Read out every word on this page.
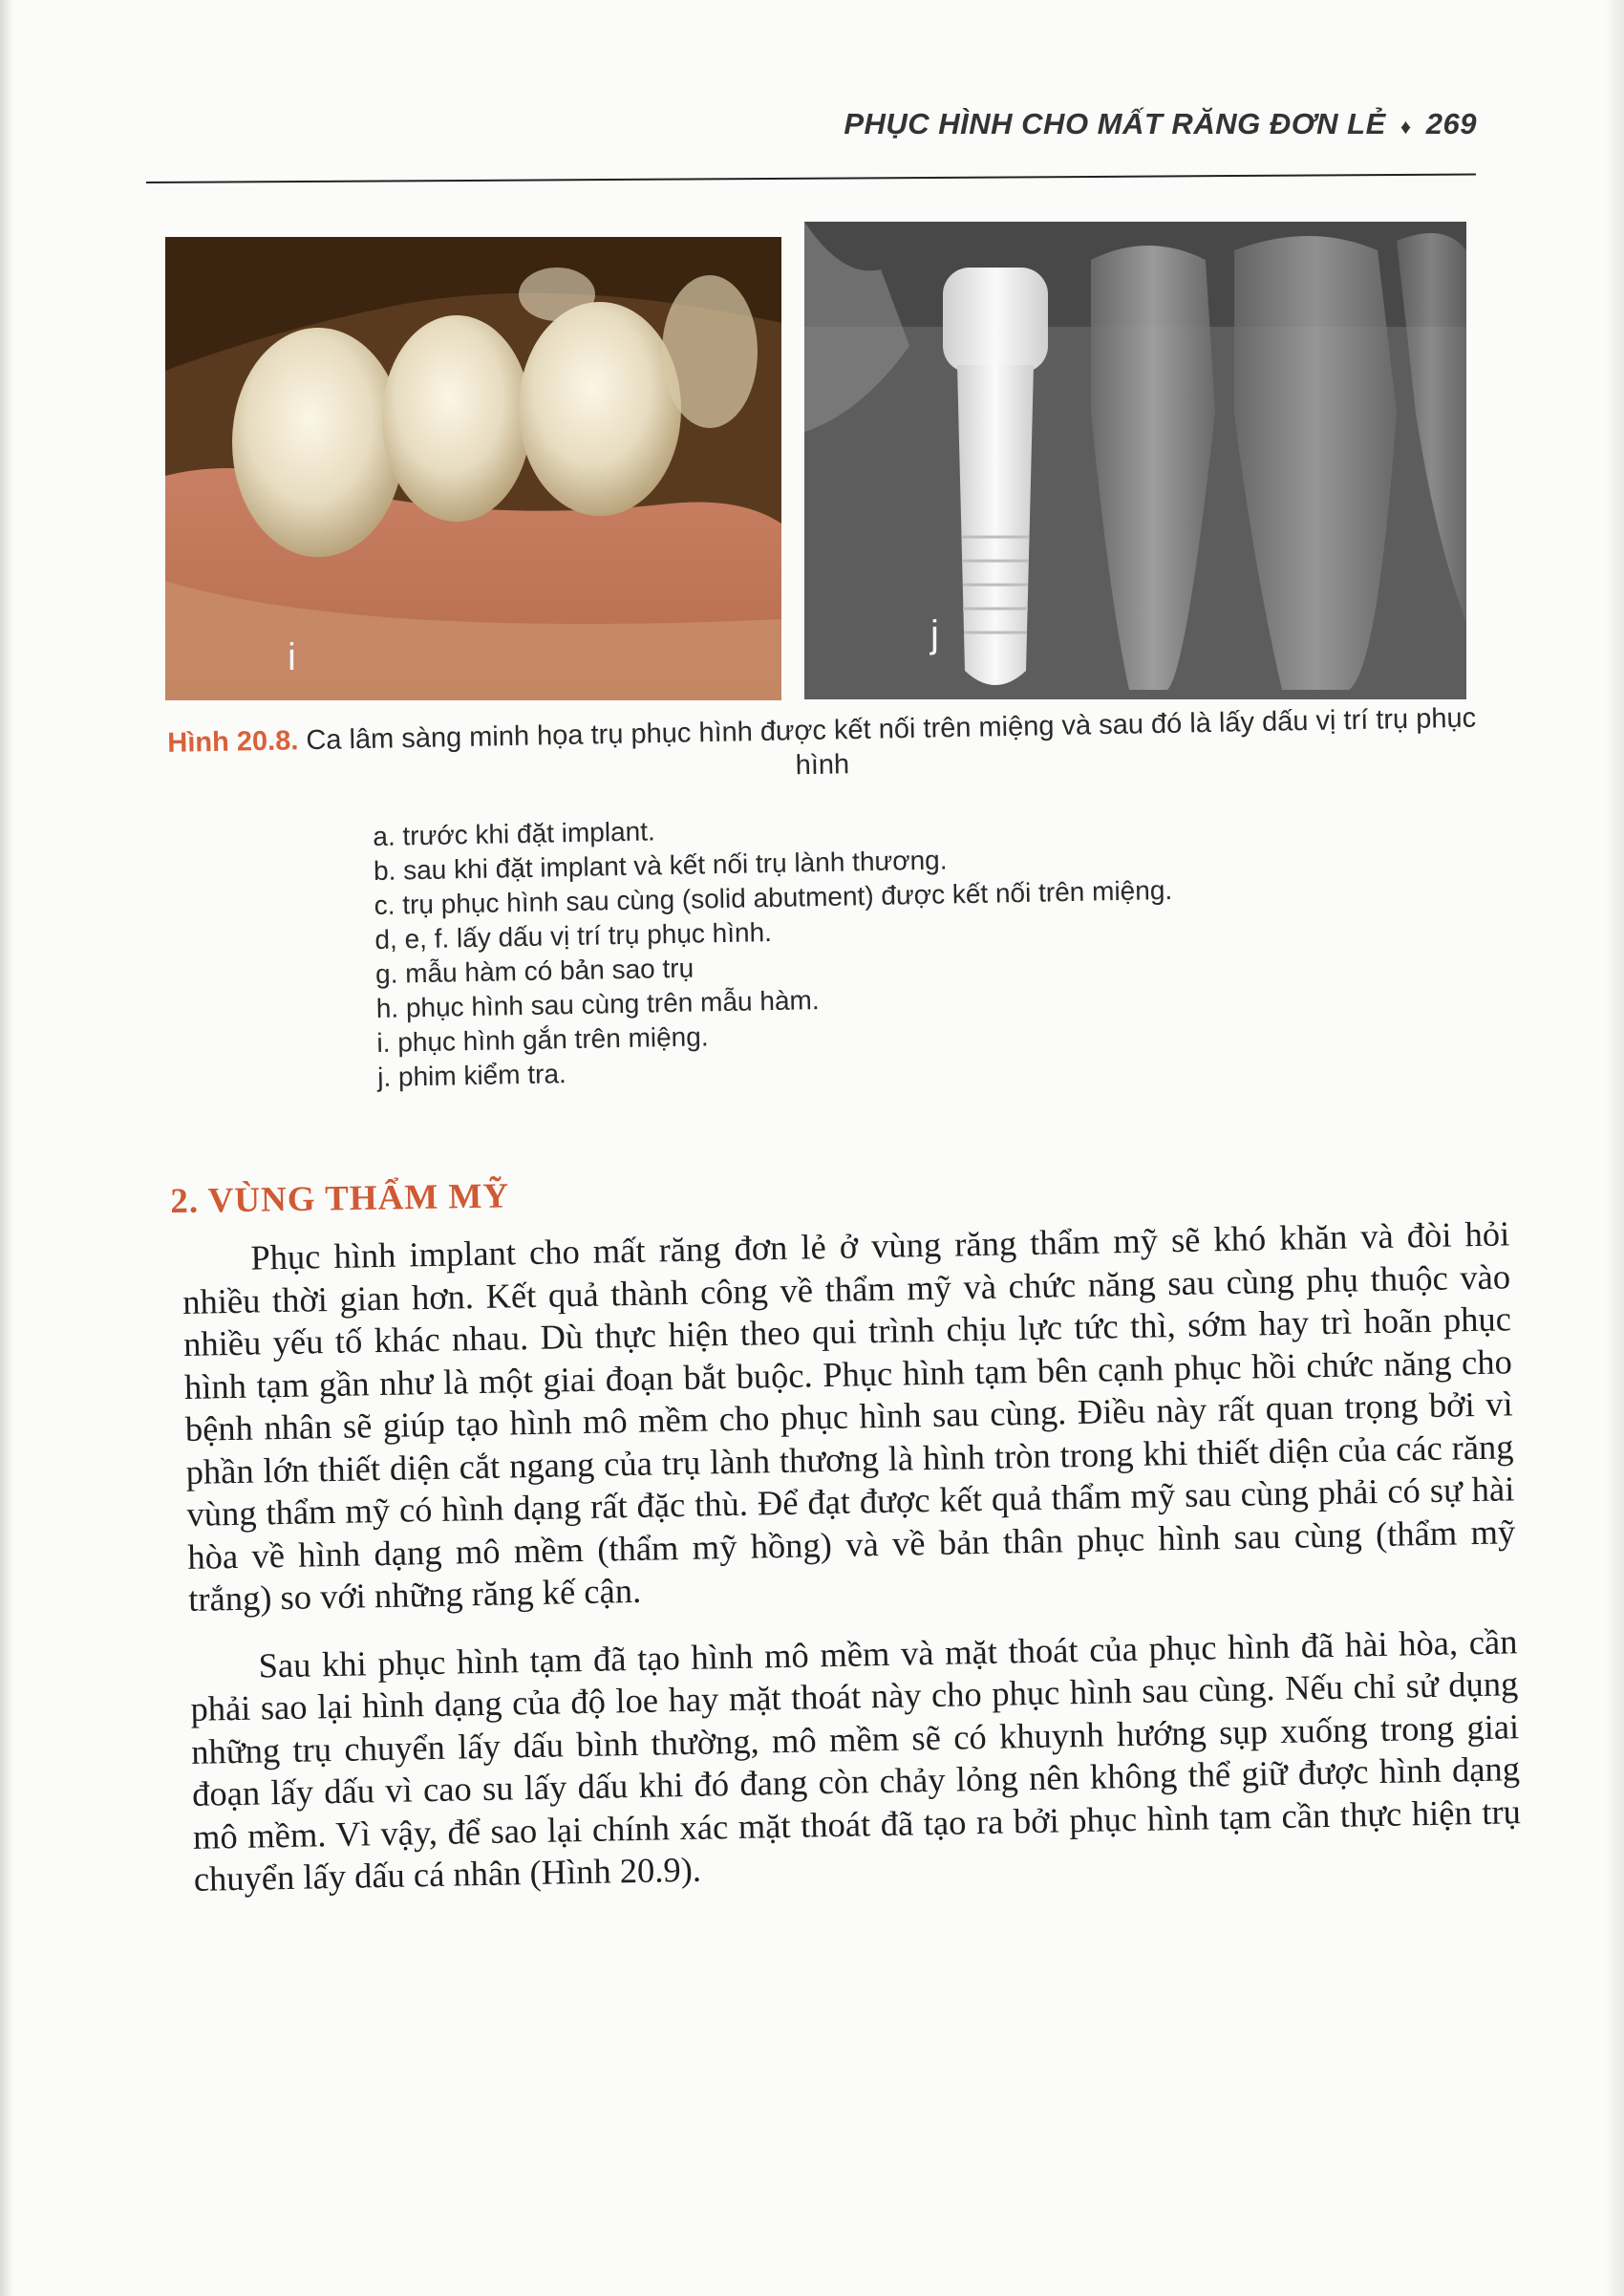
PHỤC HÌNH CHO MẤT RĂNG ĐƠN LẺ ♦ 269
i
j
Hình 20.8. Ca lâm sàng minh họa trụ phục hình được kết nối trên miệng và sau đó là lấy dấu vị trí trụ phục hình
a. trước khi đặt implant.
b. sau khi đặt implant và kết nối trụ lành thương.
c. trụ phục hình sau cùng (solid abutment) được kết nối trên miệng.
d, e, f. lấy dấu vị trí trụ phục hình.
g. mẫu hàm có bản sao trụ
h. phục hình sau cùng trên mẫu hàm.
i. phục hình gắn trên miệng.
j. phim kiểm tra.
2. VÙNG THẨM MỸ

Phục hình implant cho mất răng đơn lẻ ở vùng răng thẩm mỹ sẽ khó khăn và đòi hỏi nhiều thời gian hơn. Kết quả thành công về thẩm mỹ và chức năng sau cùng phụ thuộc vào nhiều yếu tố khác nhau. Dù thực hiện theo qui trình chịu lực tức thì, sớm hay trì hoãn phục hình tạm gần như là một giai đoạn bắt buộc. Phục hình tạm bên cạnh phục hồi chức năng cho bệnh nhân sẽ giúp tạo hình mô mềm cho phục hình sau cùng. Điều này rất quan trọng bởi vì phần lớn thiết diện cắt ngang của trụ lành thương là hình tròn trong khi thiết diện của các răng vùng thẩm mỹ có hình dạng rất đặc thù. Để đạt được kết quả thẩm mỹ sau cùng phải có sự hài hòa về hình dạng mô mềm (thẩm mỹ hồng) và về bản thân phục hình sau cùng (thẩm mỹ trắng) so với những răng kế cận.

Sau khi phục hình tạm đã tạo hình mô mềm và mặt thoát của phục hình đã hài hòa, cần phải sao lại hình dạng của độ loe hay mặt thoát này cho phục hình sau cùng. Nếu chỉ sử dụng những trụ chuyển lấy dấu bình thường, mô mềm sẽ có khuynh hướng sụp xuống trong giai đoạn lấy dấu vì cao su lấy dấu khi đó đang còn chảy lỏng nên không thể giữ được hình dạng mô mềm. Vì vậy, để sao lại chính xác mặt thoát đã tạo ra bởi phục hình tạm cần thực hiện trụ chuyển lấy dấu cá nhân (Hình 20.9).
